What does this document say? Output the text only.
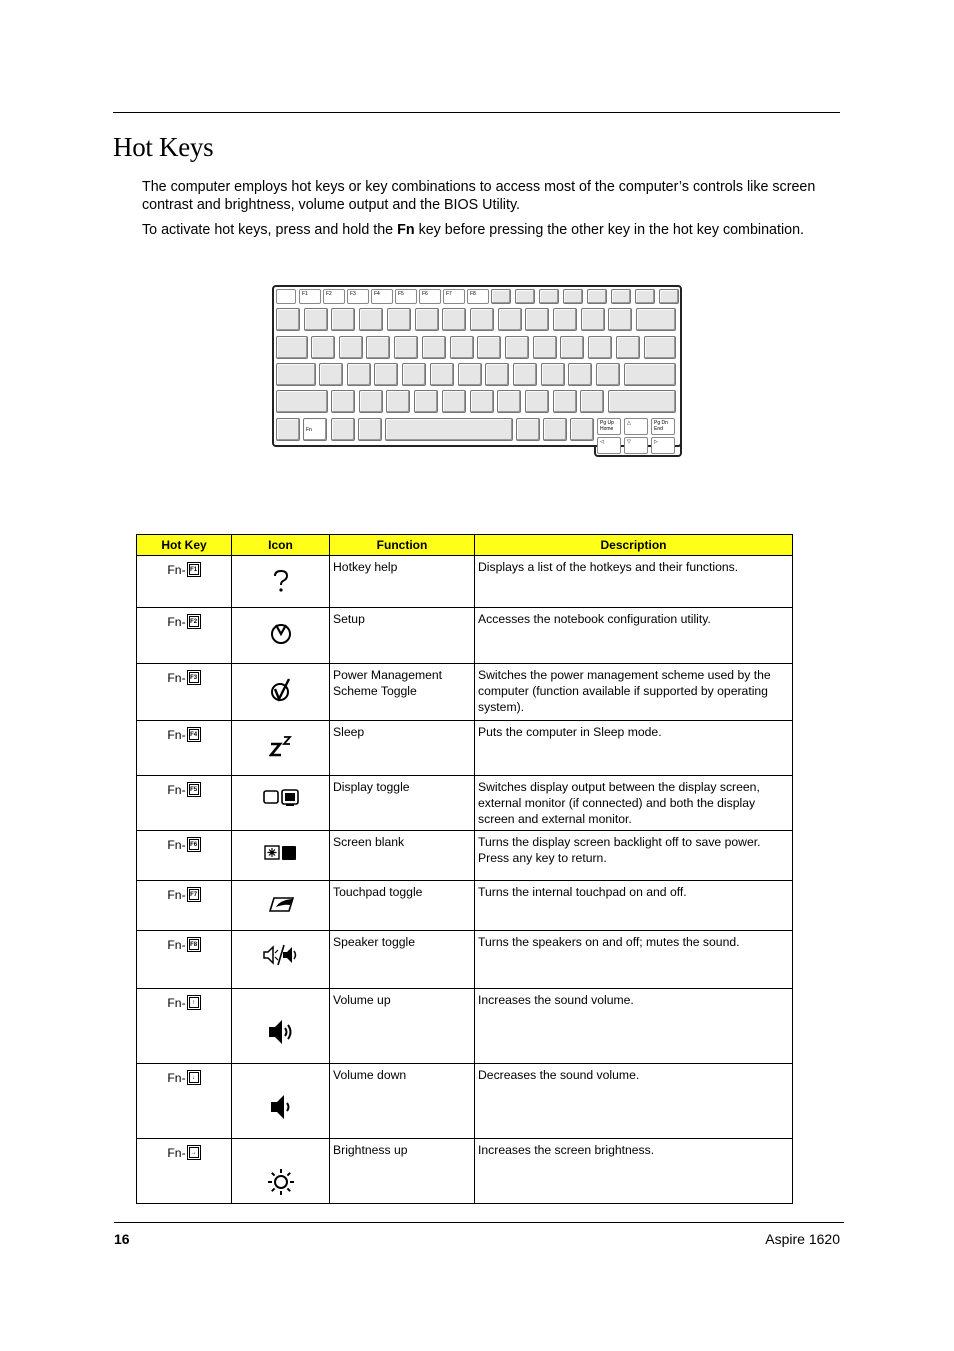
Hot Keys

The computer employs hot keys or key combinations to access most of the computer’s controls like screen contrast and brightness, volume output and the BIOS Utility.

To activate hot keys, press and hold the Fn key before pressing the other key in the hot key combination.

F1	F2	F3	F4	F5	F6	F7	F8
Fn
Pg Up
Home
△	Pg Dn
End
◁	▽	▷
Hot Key	Icon	Function	Description
Fn- F1		Hotkey help	Displays a list of the hotkeys and their functions.
Fn- F2		Setup	Accesses the notebook configuration utility.
Fn- F3		Power Management Scheme Toggle	Switches the power management scheme used by the computer (function available if supported by operating system).
Fn- F4		Sleep	Puts the computer in Sleep mode.
Fn- F5		Display toggle	Switches display output between the display screen, external monitor (if connected) and both the display screen and external monitor.
Fn- F6		Screen blank	Turns the display screen backlight off to save power. Press any key to return.
Fn- F7		Touchpad toggle	Turns the internal touchpad on and off.
Fn- F8		Speaker toggle	Turns the speakers on and off; mutes the sound.
Fn- ↑		Volume up	Increases the sound volume.
Fn- ↓		Volume down	Decreases the sound volume.
Fn- →		Brightness up	Increases the screen brightness.
16	Aspire 1620
